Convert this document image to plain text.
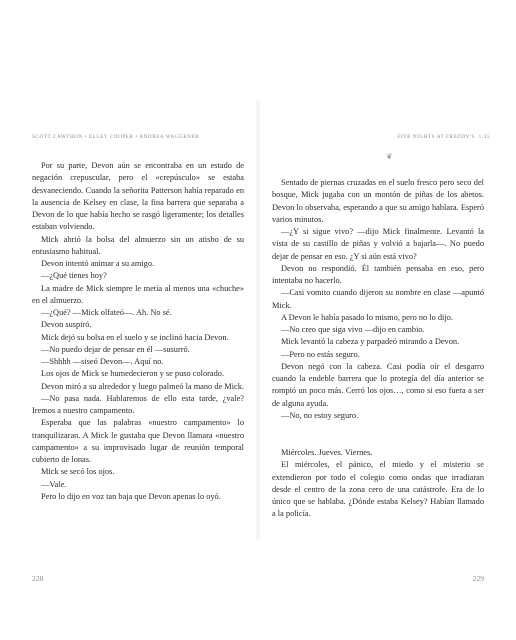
SCOTT CAWTHON • ELLEY COOPER • ANDREA WAGGENER

Por su parte, Devon aún se encontraba en un estado de negación crepuscular, pero el «crepúsculo» se estaba desvaneciendo. Cuando la señorita Patterson había reparado en la ausencia de Kelsey en clase, la fina barrera que separaba a Devon de lo que había hecho se rasgó ligeramente; los detalles estaban volviendo.

Mick abrió la bolsa del almuerzo sin un atisbo de su entusiasmo habitual.

Devon intentó animar a su amigo.

—¿Qué tienes hoy?

La madre de Mick siempre le metía al menos una «chuche» en el almuerzo.

—¿Qué? —Mick olfateó—. Ah. No sé.

Devon suspiró.

Mick dejó su bolsa en el suelo y se inclinó hacia Devon.

—No puedo dejar de pensar en él —susurró.

—Shhhh —siseó Devon—. Aquí no.

Los ojos de Mick se humedecieron y se puso colorado.

Devon miró a su alrededor y luego palmeó la mano de Mick.

—No pasa nada. Hablaremos de ello esta tarde, ¿vale? Iremos a nuestro campamento.

Esperaba que las palabras «nuestro campamento» lo tranquilizaran. A Mick le gustaba que Devon llamara «nuestro campamento» a su improvisado lugar de reunión temporal cubierto de lonas.

Mick se secó los ojos.

—Vale.

Pero lo dijo en voz tan baja que Devon apenas lo oyó.

228
FIVE NIGHTS AT FREDDY'S. 1:35
❦

Sentado de piernas cruzadas en el suelo fresco pero seco del bosque, Mick jugaba con un montón de piñas de los abetos. Devon lo observaba, esperando a que su amigo hablara. Esperó varios minutos.

—¿Y si sigue vivo? —dijo Mick finalmente. Levantó la vista de su castillo de piñas y volvió a bajarla—. No puedo dejar de pensar en eso. ¿Y si aún está vivo?

Devon no respondió. Él también pensaba en eso, pero intentaba no hacerlo.

—Casi vomito cuando dijeron su nombre en clase —apuntó Mick.

A Devon le había pasado lo mismo, pero no lo dijo.

—No creo que siga vivo —dijo en cambio.

Mick levantó la cabeza y parpadeó mirando a Devon.

—Pero no estás seguro.

Devon negó con la cabeza. Casi podía oír el desgarro cuando la endeble barrera que lo protegía del día anterior se rompió un poco más. Cerró los ojos…, como si eso fuera a ser de alguna ayuda.

—No, no estoy seguro.

Miércoles. Jueves. Viernes.

El miércoles, el pánico, el miedo y el misterio se extendieron por todo el colegio como ondas que irradiaran desde el centro de la zona cero de una catástrofe. Era de lo único que se hablaba. ¿Dónde estaba Kelsey? Habían llamado a la policía.

229
